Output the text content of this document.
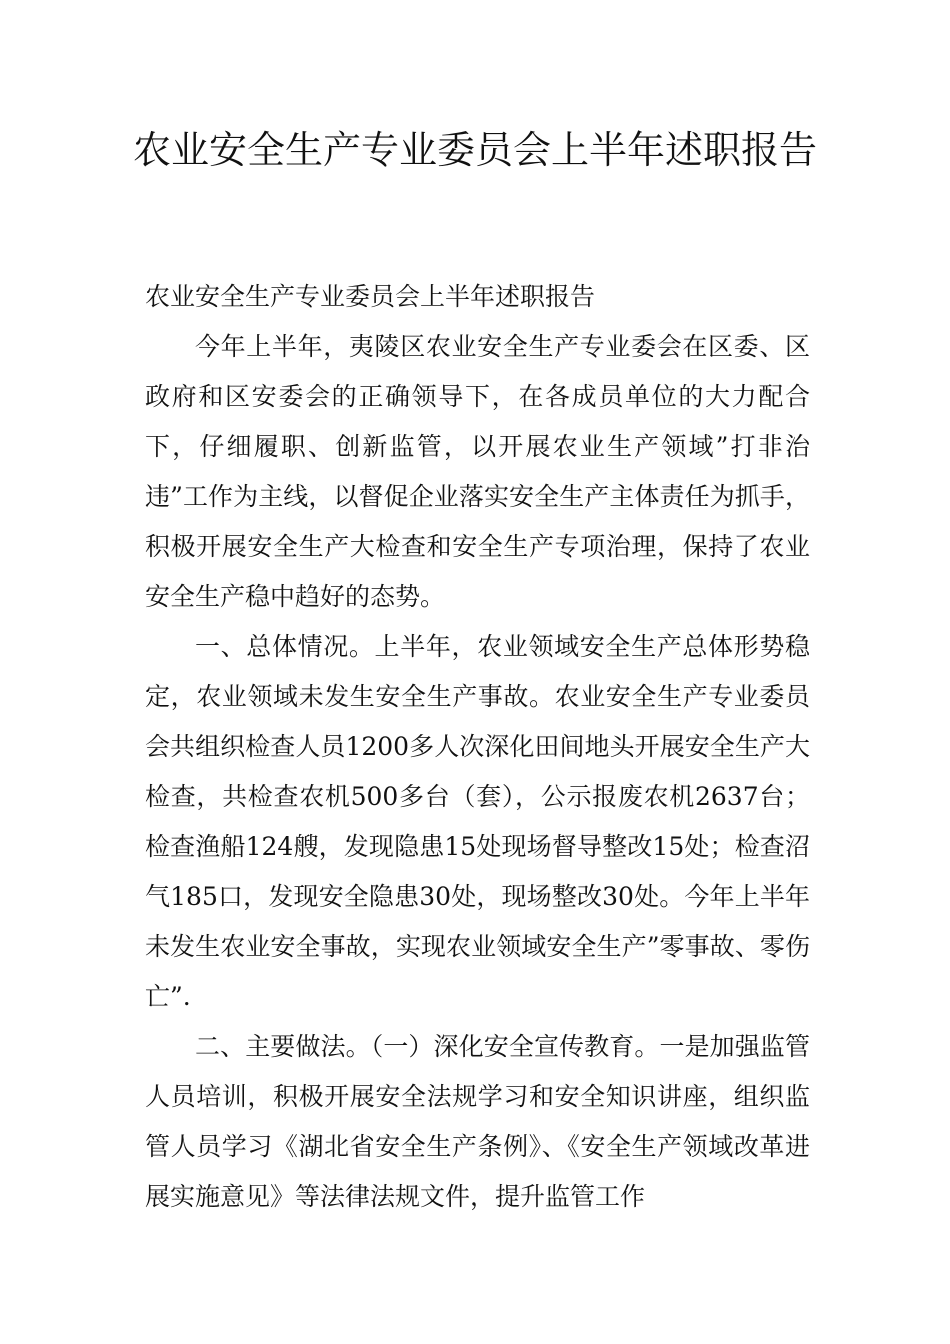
农业安全生产专业委员会上半年述职报告

农业安全生产专业委员会上半年述职报告

今年上半年，夷陵区农业安全生产专业委会在区委、区政府和区安委会的正确领导下，在各成员单位的大力配合下，仔细履职、创新监管，以开展农业生产领域”打非治违”工作为主线，以督促企业落实安全生产主体责任为抓手，积极开展安全生产大检查和安全生产专项治理，保持了农业安全生产稳中趋好的态势。

一、总体情况。上半年，农业领域安全生产总体形势稳定，农业领域未发生安全生产事故。农业安全生产专业委员会共组织检查人员1200多人次深化田间地头开展安全生产大检查，共检查农机500多台（套），公示报废农机2637台；检查渔船124艘，发现隐患15处现场督导整改15处；检查沼气185口，发现安全隐患30处，现场整改30处。今年上半年未发生农业安全事故，实现农业领域安全生产”零事故、零伤亡”.

二、主要做法。（一）深化安全宣传教育。一是加强监管人员培训，积极开展安全法规学习和安全知识讲座，组织监管人员学习《湖北省安全生产条例》、《安全生产领域改革进展实施意见》等法律法规文件，提升监管工作
